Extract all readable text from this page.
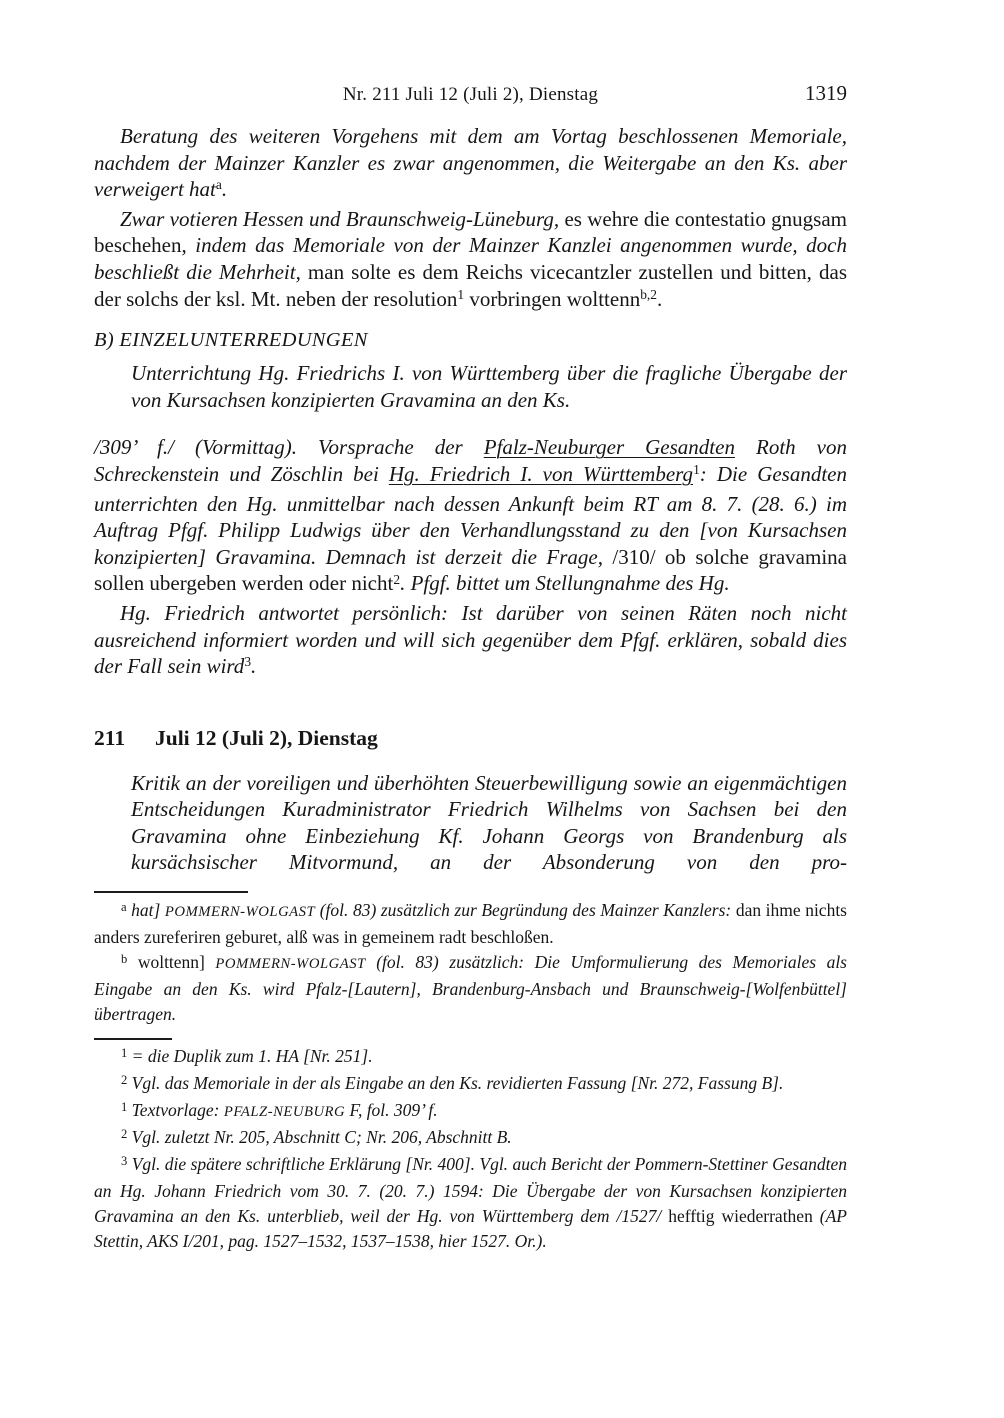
Nr. 211 Juli 12 (Juli 2), Dienstag	1319

Beratung des weiteren Vorgehens mit dem am Vortag beschlossenen Memoriale, nachdem der Mainzer Kanzler es zwar angenommen, die Weitergabe an den Ks. aber verweigert hat$^a$.

Zwar votieren Hessen und Braunschweig-Lüneburg, es wehre die contestatio gnugsam beschehen, indem das Memoriale von der Mainzer Kanzlei angenommen wurde, doch beschließt die Mehrheit, man solte es dem Reichs vicecantzler zustellen und bitten, das der solchs der ksl. Mt. neben der resolution$^1$ vorbringen wolttenn$^{b,2}$.

B) EINZELUNTERREDUNGEN

Unterrichtung Hg. Friedrichs I. von Württemberg über die fragliche Übergabe der von Kursachsen konzipierten Gravamina an den Ks.

/309’ f./ (Vormittag). Vorsprache der Pfalz-Neuburger Gesandten Roth von Schreckenstein und Zöschlin bei Hg. Friedrich I. von Württemberg$^1$: Die Gesandten unterrichten den Hg. unmittelbar nach dessen Ankunft beim RT am 8. 7. (28. 6.) im Auftrag Pfgf. Philipp Ludwigs über den Verhandlungsstand zu den [von Kursachsen konzipierten] Gravamina. Demnach ist derzeit die Frage, /310/ ob solche gravamina sollen ubergeben werden oder nicht$^2$. Pfgf. bittet um Stellungnahme des Hg.

Hg. Friedrich antwortet persönlich: Ist darüber von seinen Räten noch nicht ausreichend informiert worden und will sich gegenüber dem Pfgf. erklären, sobald dies der Fall sein wird$^3$.

211	Juli 12 (Juli 2), Dienstag

Kritik an der voreiligen und überhöhten Steuerbewilligung sowie an eigenmächtigen Entscheidungen Kuradministrator Friedrich Wilhelms von Sachsen bei den Gravamina ohne Einbeziehung Kf. Johann Georgs von Brandenburg als kursächsischer Mitvormund, an der Absonderung von den pro-

$^a$ hat] POMMERN-WOLGAST (fol. 83) zusätzlich zur Begründung des Mainzer Kanzlers: dan ihme nichts anders zureferiren geburet, alß was in gemeinem radt beschloßen.

$^b$ wolttenn] POMMERN-WOLGAST (fol. 83) zusätzlich: Die Umformulierung des Memoriales als Eingabe an den Ks. wird Pfalz-[Lautern], Brandenburg-Ansbach und Braunschweig-[Wolfenbüttel] übertragen.

$^1$ = die Duplik zum 1. HA [Nr. 251].

$^2$ Vgl. das Memoriale in der als Eingabe an den Ks. revidierten Fassung [Nr. 272, Fassung B].

$^1$ Textvorlage: PFALZ-NEUBURG F, fol. 309’ f.

$^2$ Vgl. zuletzt Nr. 205, Abschnitt C; Nr. 206, Abschnitt B.

$^3$ Vgl. die spätere schriftliche Erklärung [Nr. 400]. Vgl. auch Bericht der Pommern-Stettiner Gesandten an Hg. Johann Friedrich vom 30. 7. (20. 7.) 1594: Die Übergabe der von Kursachsen konzipierten Gravamina an den Ks. unterblieb, weil der Hg. von Württemberg dem /1527/ hefftig wiederrathen (AP Stettin, AKS I/201, pag. 1527–1532, 1537–1538, hier 1527. Or.).
